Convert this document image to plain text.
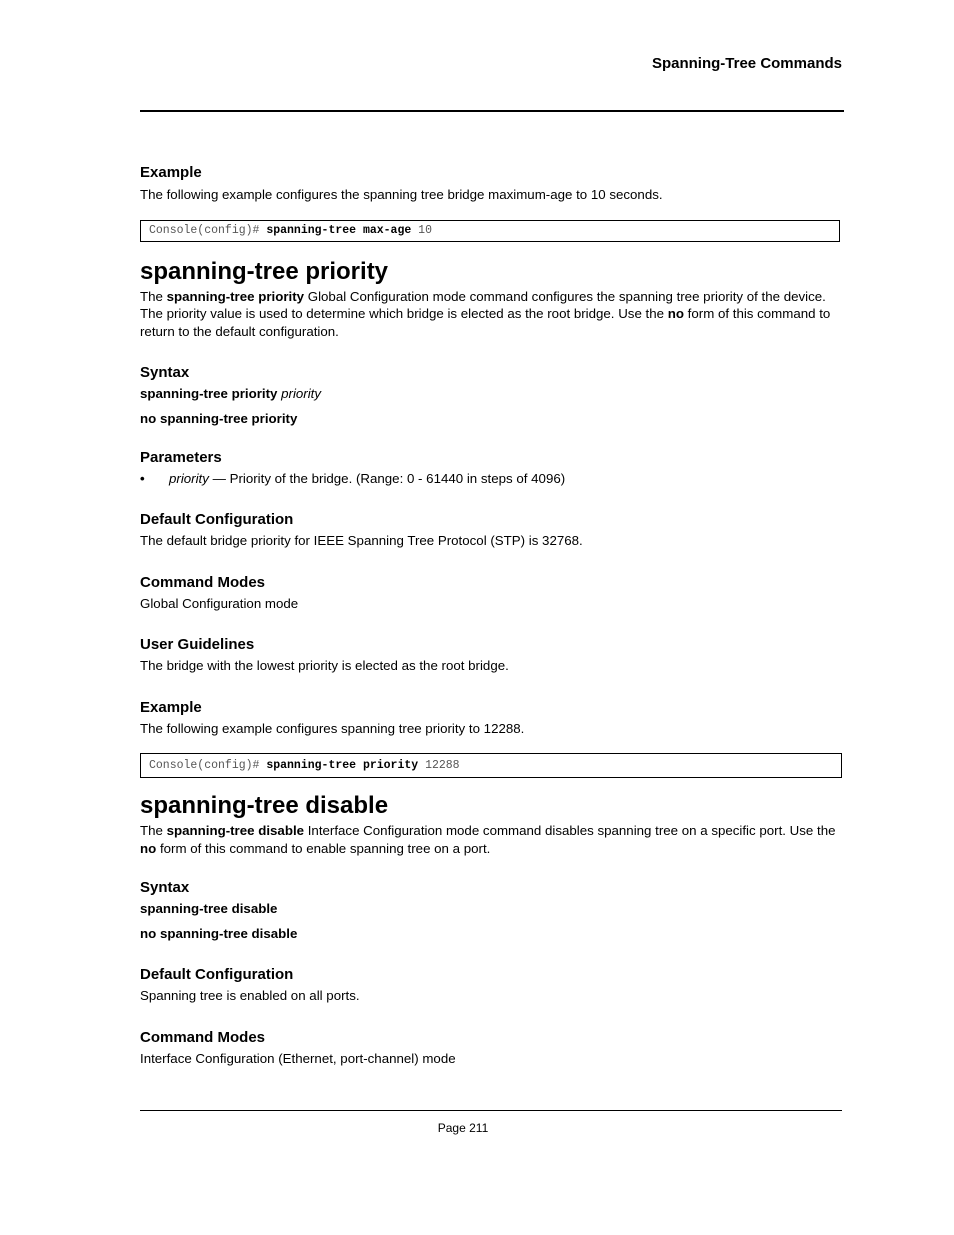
Spanning-Tree Commands
Example

The following example configures the spanning tree bridge maximum-age to 10 seconds.

Console(config)# spanning-tree max-age 10
spanning-tree priority

The spanning-tree priority Global Configuration mode command configures the spanning tree priority of the device. The priority value is used to determine which bridge is elected as the root bridge. Use the no form of this command to return to the default configuration.

Syntax
spanning-tree priority priority
no spanning-tree priority
Parameters
• priority — Priority of the bridge. (Range: 0 - 61440 in steps of 4096)
Default Configuration

The default bridge priority for IEEE Spanning Tree Protocol (STP) is 32768.

Command Modes

Global Configuration mode

User Guidelines

The bridge with the lowest priority is elected as the root bridge.

Example

The following example configures spanning tree priority to 12288.

Console(config)# spanning-tree priority 12288
spanning-tree disable

The spanning-tree disable Interface Configuration mode command disables spanning tree on a specific port. Use the no form of this command to enable spanning tree on a port.

Syntax
spanning-tree disable
no spanning-tree disable
Default Configuration

Spanning tree is enabled on all ports.

Command Modes

Interface Configuration (Ethernet, port-channel) mode

Page 211
